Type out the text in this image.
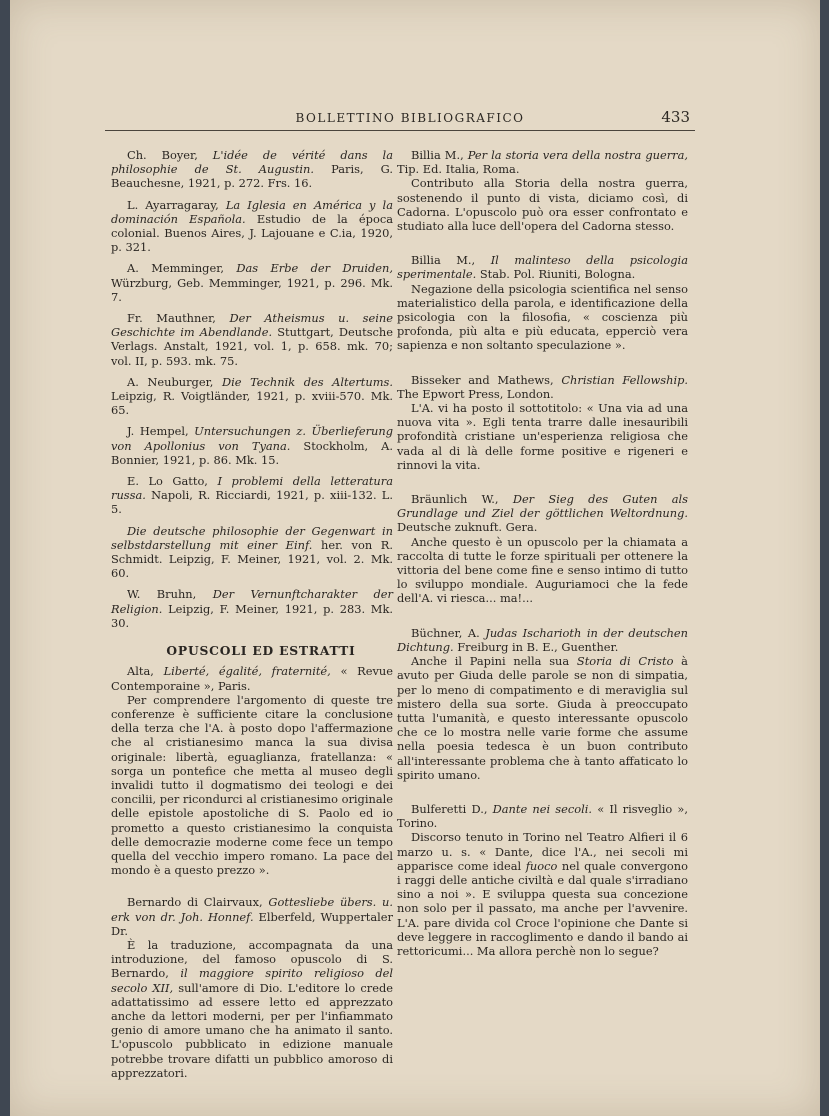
BOLLETTINO BIBLIOGRAFICO	433

Ch. Boyer, L'idée de vérité dans la philosophie de St. Augustin. Paris, G. Beauchesne, 1921, p. 272. Frs. 16.

L. Ayarragaray, La Iglesia en América y la dominación Española. Estudio de la época colonial. Buenos Aires, J. Lajouane e C.ia, 1920, p. 321.

A. Memminger, Das Erbe der Druiden, Würzburg, Geb. Memminger, 1921, p. 296. Mk. 7.

Fr. Mauthner, Der Atheismus u. seine Geschichte im Abendlande. Stuttgart, Deutsche Verlags. Anstalt, 1921, vol. 1, p. 658. mk. 70; vol. II, p. 593. mk. 75.

A. Neuburger, Die Technik des Altertums. Leipzig, R. Voigtländer, 1921, p. xviii-570. Mk. 65.

J. Hempel, Untersuchungen z. Überlieferung von Apollonius von Tyana. Stockholm, A. Bonnier, 1921, p. 86. Mk. 15.

E. Lo Gatto, I problemi della letteratura russa. Napoli, R. Ricciardi, 1921, p. xiii-132. L. 5.

Die deutsche philosophie der Gegenwart in selbstdarstellung mit einer Einf. her. von R. Schmidt. Leipzig, F. Meiner, 1921, vol. 2. Mk. 60.

W. Bruhn, Der Vernunftcharakter der Religion. Leipzig, F. Meiner, 1921, p. 283. Mk. 30.

OPUSCOLI ED ESTRATTI

Alta, Liberté, égalité, fraternité, « Revue Contemporaine », Paris.

Per comprendere l'argomento di queste tre conferenze è sufficiente citare la conclusione della terza che l'A. à posto dopo l'affermazione che al cristianesimo manca la sua divisa originale: libertà, eguaglianza, fratellanza: « sorga un pontefice che metta al museo degli invalidi tutto il dogmatismo dei teologi e dei concilii, per ricondurci al cristianesimo originale delle epistole apostoliche di S. Paolo ed io prometto a questo cristianesimo la conquista delle democrazie moderne come fece un tempo quella del vecchio impero romano. La pace del mondo è a questo prezzo ».

Bernardo di Clairvaux, Gottesliebe übers. u. erk von dr. Joh. Honnef. Elberfeld, Wuppertaler Dr.

È la traduzione, accompagnata da una introduzione, del famoso opuscolo di S. Bernardo, il maggiore spirito religioso del secolo XII, sull'amore di Dio. L'editore lo crede adattatissimo ad essere letto ed apprezzato anche da lettori moderni, per per l'infiammato genio di amore umano che ha animato il santo. L'opuscolo pubblicato in edizione manuale potrebbe trovare difatti un pubblico amoroso di apprezzatori.

Billia M., Per la storia vera della nostra guerra, Tip. Ed. Italia, Roma.

Contributo alla Storia della nostra guerra, sostenendo il punto di vista, diciamo così, di Cadorna. L'opuscolo può ora esser confrontato e studiato alla luce dell'opera del Cadorna stesso.

Billia M., Il malinteso della psicologia sperimentale. Stab. Pol. Riuniti, Bologna.

Negazione della psicologia scientifica nel senso materialistico della parola, e identificazione della psicologia con la filosofia, « coscienza più profonda, più alta e più educata, epperciò vera sapienza e non soltanto speculazione ».

Bisseker and Mathews, Christian Fellowship. The Epwort Press, London.

L'A. vi ha posto il sottotitolo: « Una via ad una nuova vita ». Egli tenta trarre dalle inesauribili profondità cristiane un'esperienza religiosa che vada al di là delle forme positive e rigeneri e rinnovi la vita.

Bräunlich W., Der Sieg des Guten als Grundlage und Ziel der göttlichen Weltordnung. Deutsche zuknuft. Gera.

Anche questo è un opuscolo per la chiamata a raccolta di tutte le forze spirituali per ottenere la vittoria del bene come fine e senso intimo di tutto lo sviluppo mondiale. Auguriamoci che la fede dell'A. vi riesca... ma!...

Büchner, A. Judas Ischarioth in der deutschen Dichtung. Freiburg in B. E., Guenther.

Anche il Papini nella sua Storia di Cristo à avuto per Giuda delle parole se non di simpatia, per lo meno di compatimento e di meraviglia sul mistero della sua sorte. Giuda à preoccupato tutta l'umanità, e questo interessante opuscolo che ce lo mostra nelle varie forme che assume nella poesia tedesca è un buon contributo all'interessante problema che à tanto affaticato lo spirito umano.

Bulferetti D., Dante nei secoli. « Il risveglio », Torino.

Discorso tenuto in Torino nel Teatro Alfieri il 6 marzo u. s. « Dante, dice l'A., nei secoli mi apparisce come ideal fuoco nel quale convergono i raggi delle antiche civiltà e dal quale s'irradiano sino a noi ». E sviluppa questa sua concezione non solo per il passato, ma anche per l'avvenire. L'A. pare divida col Croce l'opinione che Dante si deve leggere in raccoglimento e dando il bando ai rettoricumi... Ma allora perchè non lo segue?
